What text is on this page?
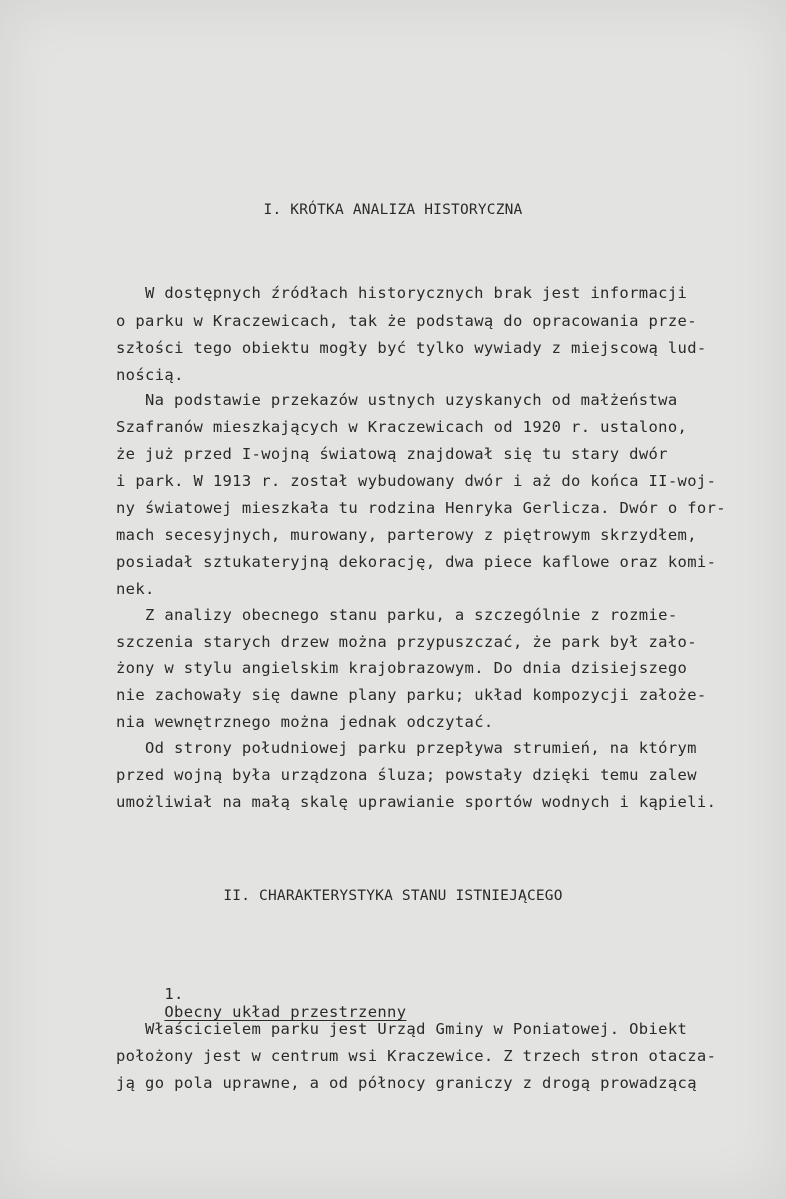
I. KRÓTKA ANALIZA HISTORYCZNA
W dostępnych źródłach historycznych brak jest informacji
o parku w Kraczewicach, tak że podstawą do opracowania prze-
szłości tego obiektu mogły być tylko wywiady z miejscową lud-
nością.
Na podstawie przekazów ustnych uzyskanych od małżeństwa
Szafranów mieszkających w Kraczewicach od 1920 r. ustalono,
że już przed I-wojną światową znajdował się tu stary dwór
i park. W 1913 r. został wybudowany dwór i aż do końca II-woj-
ny światowej mieszkała tu rodzina Henryka Gerlicza. Dwór o for-
mach secesyjnych, murowany, parterowy z piętrowym skrzydłem,
posiadał sztukateryjną dekorację, dwa piece kaflowe oraz komi-
nek.
Z analizy obecnego stanu parku, a szczególnie z rozmie-
szczenia starych drzew można przypuszczać, że park był zało-
żony w stylu angielskim krajobrazowym. Do dnia dzisiejszego
nie zachowały się dawne plany parku; układ kompozycji założe-
nia wewnętrznego można jednak odczytać.
Od strony południowej parku przepływa strumień, na którym
przed wojną była urządzona śluza; powstały dzięki temu zalew
umożliwiał na małą skalę uprawianie sportów wodnych i kąpieli.
II. CHARAKTERYSTYKA STANU ISTNIEJĄCEGO

1.
Obecny układ przestrzenny

Właścicielem parku jest Urząd Gminy w Poniatowej. Obiekt
położony jest w centrum wsi Kraczewice. Z trzech stron otacza-
ją go pola uprawne, a od północy graniczy z drogą prowadzącą
